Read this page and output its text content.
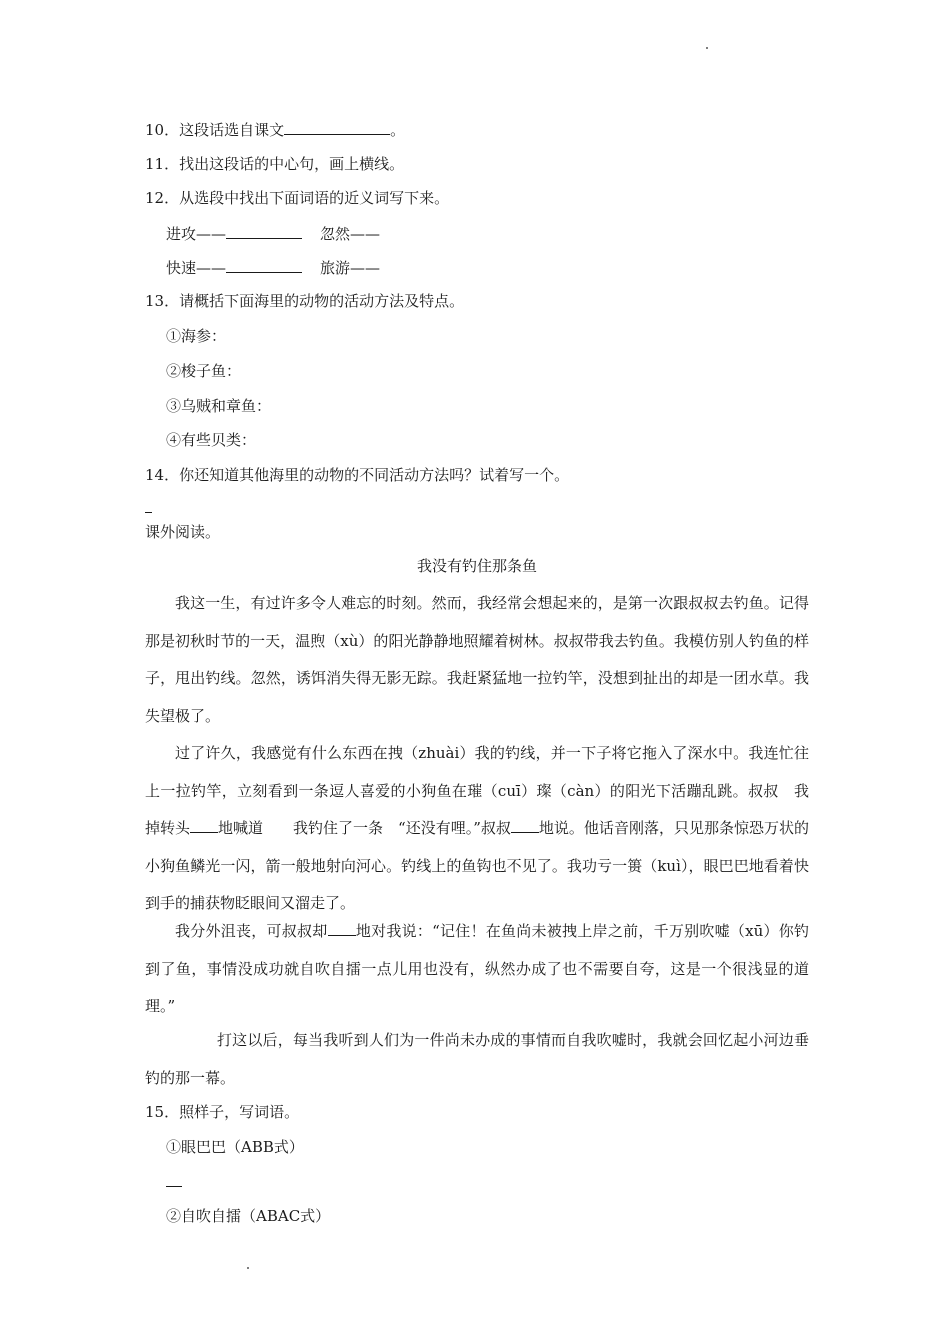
10．这段话选自课文	。
11．找出这段话的中心句，画上横线。
12．从选段中找出下面词语的近义词写下来。
进攻——	忽然——
快速——	旅游——
13．请概括下面海里的动物的活动方法及特点。
①海参：
②梭子鱼：
③乌贼和章鱼：
④有些贝类：
14．你还知道其他海里的动物的不同活动方法吗？试着写一个。
课外阅读。
我没有钓住那条鱼
我这一生，有过许多令人难忘的时刻。然而，我经常会想起来的，是第一次跟叔叔去钓鱼。记得那是初秋时节的一天，温煦（xù）的阳光静静地照耀着树林。叔叔带我去钓鱼。我模仿别人钓鱼的样子，甩出钓线。忽然，诱饵消失得无影无踪。我赶紧猛地一拉钓竿，没想到扯出的却是一团水草。我失望极了。
过了许久，我感觉有什么东西在拽（zhuài）我的钓线，并一下子将它拖入了深水中。我连忙往上一拉钓竿，立刻看到一条逗人喜爱的小狗鱼在璀（cuī）璨（càn）的阳光下活蹦乱跳。叔叔　我掉转头 地喊道　　我钓住了一条　“还没有哩。”叔叔 地说。他话音刚落，只见那条惊恐万状的小狗鱼鳞光一闪，箭一般地射向河心。钓线上的鱼钩也不见了。我功亏一篑（kuì），眼巴巴地看着快到手的捕获物眨眼间又溜走了。
我分外沮丧，可叔叔却 地对我说：“记住！在鱼尚未被拽上岸之前，千万别吹嘘（xū）你钓到了鱼，事情没成功就自吹自擂一点儿用也没有，纵然办成了也不需要自夸，这是一个很浅显的道理。”
打这以后，每当我听到人们为一件尚未办成的事情而自我吹嘘时，我就会回忆起小河边垂钓的那一幕。
15．照样子，写词语。
①眼巴巴（ABB式）
②自吹自擂（ABAC式）
